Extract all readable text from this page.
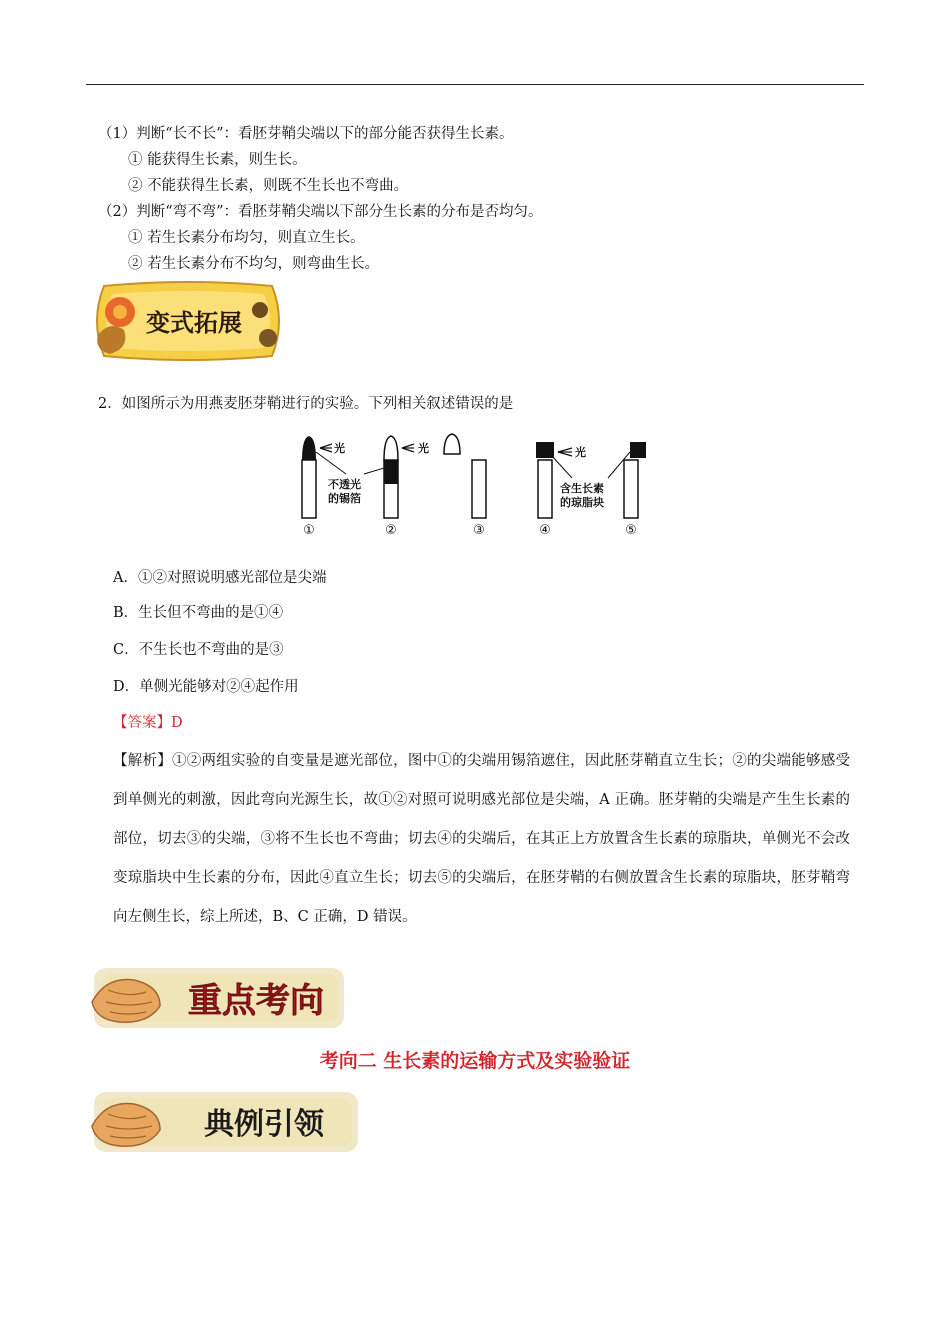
（1）判断“长不长”：看胚芽鞘尖端以下的部分能否获得生长素。
① 能获得生长素，则生长。
② 不能获得生长素，则既不生长也不弯曲。
（2）判断“弯不弯”：看胚芽鞘尖端以下部分生长素的分布是否均匀。
① 若生长素分布均匀，则直立生长。
② 若生长素分布不均匀，则弯曲生长。
变式拓展
2．如图所示为用燕麦胚芽鞘进行的实验。下列相关叙述错误的是
光	光
不透光
的锡箔
光
含生长素
的琼脂块
①	②	③	④	⑤
A．①②对照说明感光部位是尖端
B．生长但不弯曲的是①④
C．不生长也不弯曲的是③
D．单侧光能够对②④起作用
【答案】D
【解析】①②两组实验的自变量是遮光部位，图中①的尖端用锡箔遮住，因此胚芽鞘直立生长；②的尖端能够感受到单侧光的刺激，因此弯向光源生长，故①②对照可说明感光部位是尖端，A 正确。胚芽鞘的尖端是产生生长素的部位，切去③的尖端，③将不生长也不弯曲；切去④的尖端后，在其正上方放置含生长素的琼脂块，单侧光不会改变琼脂块中生长素的分布，因此④直立生长；切去⑤的尖端后，在胚芽鞘的右侧放置含生长素的琼脂块，胚芽鞘弯向左侧生长，综上所述，B、C 正确，D 错误。
重点考向
考向二 生长素的运输方式及实验验证
典例引领
